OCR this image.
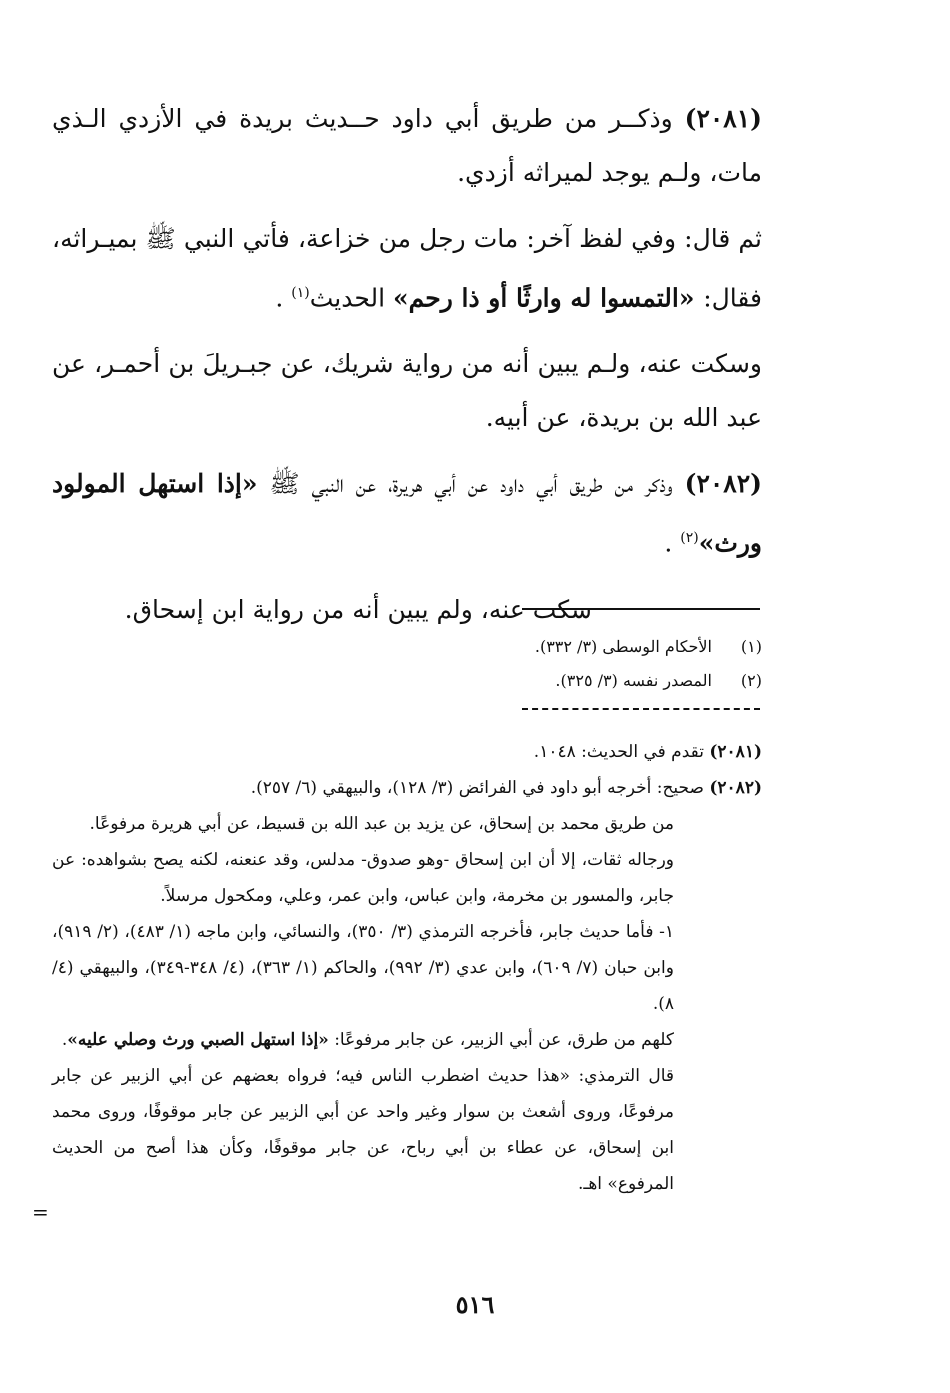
(٢٠٨١) وذكــر من طريق أبي داود حــديث بريدة في الأزدي الـذي مات، ولـم يوجد لميراثه أزدي.

ثم قال: وفي لفظ آخر: مات رجل من خزاعة، فأتي النبي ﷺ بميـراثه، فقال: «التمسوا له وارثًا أو ذا رحم» الحديث$^{(١)}$ .

وسكت عنه، ولـم يبين أنه من رواية شريك، عن جبـريلَ بن أحمـر، عن عبد الله بن بريدة، عن أبيه.

(٢٠٨٢) وذكر من طريق أبي داود عن أبي هريرة، عن النبي ﷺ «إذا استهل المولود ورث»$^{(٢)}$ .

سكت عنه، ولم يبين أنه من رواية ابن إسحاق.

(١)
الأحكام الوسطى (٣/ ٣٣٢).
(٢)
المصدر نفسه (٣/ ٣٢٥).
(٢٠٨١) تقدم في الحديث: ١٠٤٨.
(٢٠٨٢) صحيح: أخرجه أبو داود في الفرائض (٣/ ١٢٨)، والبيهقي (٦/ ٢٥٧).
من طريق محمد بن إسحاق، عن يزيد بن عبد الله بن قسيط، عن أبي هريرة مرفوعًا.
ورجاله ثقات، إلا أن ابن إسحاق -وهو صدوق- مدلس، وقد عنعنه، لكنه يصح بشواهده: عن جابر، والمسور بن مخرمة، وابن عباس، وابن عمر، وعلي، ومكحول مرسلاً.
١- فأما حديث جابر، فأخرجه الترمذي (٣/ ٣٥٠)، والنسائي، وابن ماجه (١/ ٤٨٣)، (٢/ ٩١٩)، وابن حبان (٧/ ٦٠٩)، وابن عدي (٣/ ٩٩٢)، والحاكم (١/ ٣٦٣)، (٤/ ٣٤٨-٣٤٩)، والبيهقي (٤/ ٨).
كلهم من طرق، عن أبي الزبير، عن جابر مرفوعًا: «إذا استهل الصبي ورث وصلي عليه».
قال الترمذي: «هذا حديث اضطرب الناس فيه؛ فرواه بعضهم عن أبي الزبير عن جابر مرفوعًا، وروى أشعث بن سوار وغير واحد عن أبي الزبير عن جابر موقوفًا، وروى محمد ابن إسحاق، عن عطاء بن أبي رباح، عن جابر موقوفًا، وكأن هذا أصح من الحديث المرفوع» اهـ.
=
٥١٦
